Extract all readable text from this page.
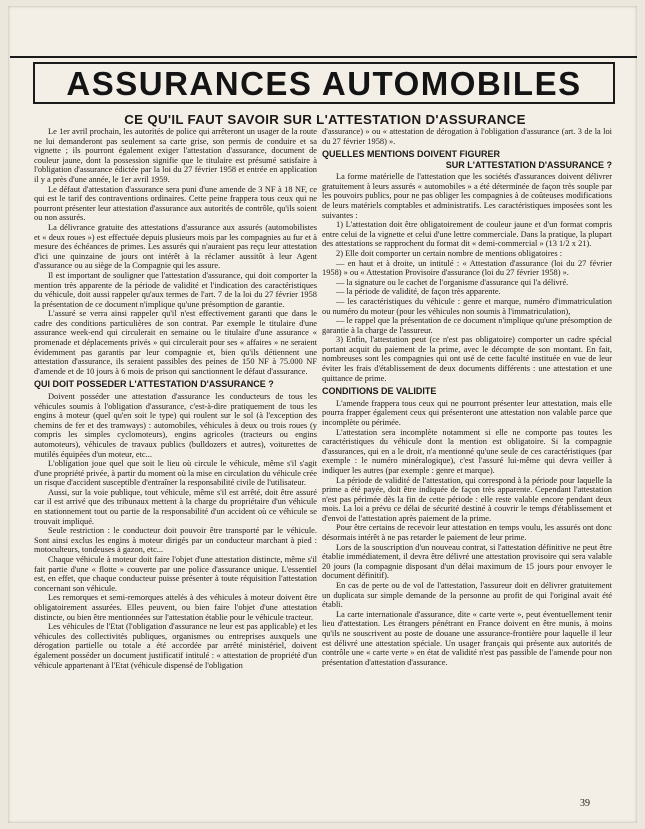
ASSURANCES AUTOMOBILES
CE QU'IL FAUT SAVOIR SUR L'ATTESTATION D'ASSURANCE

Le 1er avril prochain, les autorités de police qui arrêteront un usager de la route ne lui demanderont pas seulement sa carte grise, son permis de conduire et sa vignette ; ils pourront également exiger l'attestation d'assurance, document de couleur jaune, dont la possession signifie que le titulaire est présumé satisfaire à l'obligation d'assurance édictée par la loi du 27 février 1958 et entrée en application il y a près d'une année, le 1er avril 1959.

Le défaut d'attestation d'assurance sera puni d'une amende de 3 NF à 18 NF, ce qui est le tarif des contraventions ordinaires. Cette peine frappera tous ceux qui ne pourront présenter leur attestation d'assurance aux autorités de contrôle, qu'ils soient ou non assurés.

La délivrance gratuite des attestations d'assurance aux assurés (automobilistes et « deux roues ») est effectuée depuis plusieurs mois par les compagnies au fur et à mesure des échéances de primes. Les assurés qui n'auraient pas reçu leur attestation d'ici une quinzaine de jours ont intérêt à la réclamer aussitôt à leur Agent d'assurance ou au siège de la Compagnie qui les assure.

Il est important de souligner que l'attestation d'assurance, qui doit comporter la mention très apparente de la période de validité et l'indication des caractéristiques du véhicule, doit aussi rappeler qu'aux termes de l'art. 7 de la loi du 27 février 1958 la présentation de ce document n'implique qu'une présomption de garantie.

L'assuré se verra ainsi rappeler qu'il n'est effectivement garanti que dans le cadre des conditions particulières de son contrat. Par exemple le titulaire d'une assurance week-end qui circulerait en semaine ou le titulaire d'une assurance « promenade et déplacements privés » qui circulerait pour ses « affaires » ne seraient évidemment pas garantis par leur compagnie et, bien qu'ils détiennent une attestation d'assurance, ils seraient passibles des peines de 150 NF à 75.000 NF d'amende et de 10 jours à 6 mois de prison qui sanctionnent le défaut d'assurance.

QUI DOIT POSSEDER L'ATTESTATION D'ASSURANCE ?

Doivent posséder une attestation d'assurance les conducteurs de tous les véhicules soumis à l'obligation d'assurance, c'est-à-dire pratiquement de tous les engins à moteur (quel qu'en soit le type) qui roulent sur le sol (à l'exception des chemins de fer et des tramways) : automobiles, véhicules à deux ou trois roues (y compris les simples cyclomoteurs), engins agricoles (tracteurs ou engins automoteurs), véhicules de travaux publics (bulldozers et autres), voiturettes de mutilés équipées d'un moteur, etc...

L'obligation joue quel que soit le lieu où circule le véhicule, même s'il s'agit d'une propriété privée, à partir du moment où la mise en circulation du véhicule crée un risque d'accident susceptible d'entraîner la responsabilité civile de l'utilisateur.

Aussi, sur la voie publique, tout véhicule, même s'il est arrêté, doit être assuré car il est arrivé que des tribunaux mettent à la charge du propriétaire d'un véhicule en stationnement tout ou partie de la responsabilité d'un accident où ce véhicule se trouvait impliqué.

Seule restriction : le conducteur doit pouvoir être transporté par le véhicule. Sont ainsi exclus les engins à moteur dirigés par un conducteur marchant à pied : motoculteurs, tondeuses à gazon, etc...

Chaque véhicule à moteur doit faire l'objet d'une attestation distincte, même s'il fait partie d'une « flotte » couverte par une police d'assurance unique. L'essentiel est, en effet, que chaque conducteur puisse présenter à toute réquisition l'attestation concernant son véhicule.

Les remorques et semi-remorques attelés à des véhicules à moteur doivent être obligatoirement assurées. Elles peuvent, ou bien faire l'objet d'une attestation distincte, ou bien être mentionnées sur l'attestation établie pour le véhicule tracteur.

Les véhicules de l'Etat (l'obligation d'assurance ne leur est pas applicable) et les véhicules des collectivités publiques, organismes ou entreprises auxquels une dérogation partielle ou totale a été accordée par arrêté ministériel, doivent également posséder un document justificatif intitulé : « attestation de propriété d'un véhicule appartenant à l'Etat (véhicule dispensé de l'obligation

d'assurance) » ou « attestation de dérogation à l'obligation d'assurance (art. 3 de la loi du 27 février 1958) ».

QUELLES MENTIONS DOIVENT FIGURER
SUR L'ATTESTATION D'ASSURANCE ?

La forme matérielle de l'attestation que les sociétés d'assurances doivent délivrer gratuitement à leurs assurés « automobiles » a été déterminée de façon très souple par les pouvoirs publics, pour ne pas obliger les compagnies à de coûteuses modifications de leurs matériels comptables et administratifs. Les caractéristiques imposées sont les suivantes :

1) L'attestation doit être obligatoirement de couleur jaune et d'un format compris entre celui de la vignette et celui d'une lettre commerciale. Dans la pratique, la plupart des attestations se rapprochent du format dit « demi-commercial » (13 1/2 x 21).

2) Elle doit comporter un certain nombre de mentions obligatoires :

— en haut et à droite, un intitulé : « Attestation d'assurance (loi du 27 février 1958) » ou « Attestation Provisoire d'assurance (loi du 27 février 1958) ».

— la signature ou le cachet de l'organisme d'assurance qui l'a délivré.

— la période de validité, de façon très apparente.

— les caractéristiques du véhicule : genre et marque, numéro d'immatriculation ou numéro du moteur (pour les véhicules non soumis à l'immatriculation),

— le rappel que la présentation de ce document n'implique qu'une présomption de garantie à la charge de l'assureur.

3) Enfin, l'attestation peut (ce n'est pas obligatoire) comporter un cadre spécial portant acquit du paiement de la prime, avec le décompte de son montant. En fait, nombreuses sont les compagnies qui ont usé de cette faculté instituée en vue de leur éviter les frais d'établissement de deux documents différents : une attestation et une quittance de prime.

CONDITIONS DE VALIDITE

L'amende frappera tous ceux qui ne pourront présenter leur attestation, mais elle pourra frapper également ceux qui présenteront une attestation non valable parce que incomplète ou périmée.

L'attestation sera incomplète notamment si elle ne comporte pas toutes les caractéristiques du véhicule dont la mention est obligatoire. Si la compagnie d'assurances, qui en a le droit, n'a mentionné qu'une seule de ces caractéristiques (par exemple : le numéro minéralogique), c'est l'assuré lui-même qui devra veiller à indiquer les autres (par exemple : genre et marque).

La période de validité de l'attestation, qui correspond à la période pour laquelle la prime a été payée, doit être indiquée de façon très apparente. Cependant l'attestation n'est pas périmée dès la fin de cette période : elle reste valable encore pendant deux mois. La loi a prévu ce délai de sécurité destiné à couvrir le temps d'établissement et d'envoi de l'attestation après paiement de la prime.

Pour être certains de recevoir leur attestation en temps voulu, les assurés ont donc désormais intérêt à ne pas retarder le paiement de leur prime.

Lors de la souscription d'un nouveau contrat, si l'attestation définitive ne peut être établie immédiatement, il devra être délivré une attestation provisoire qui sera valable 20 jours (la compagnie disposant d'un délai maximum de 15 jours pour envoyer le document définitif).

En cas de perte ou de vol de l'attestation, l'assureur doit en délivrer gratuitement un duplicata sur simple demande de la personne au profit de qui l'original avait été établi.

La carte internationale d'assurance, dite « carte verte », peut éventuellement tenir lieu d'attestation. Les étrangers pénétrant en France doivent en être munis, à moins qu'ils ne souscrivent au poste de douane une assurance-frontière pour laquelle il leur est délivré une attestation spéciale. Un usager français qui présente aux autorités de contrôle une « carte verte » en état de validité n'est pas passible de l'amende pour non présentation d'attestation d'assurance.

39
